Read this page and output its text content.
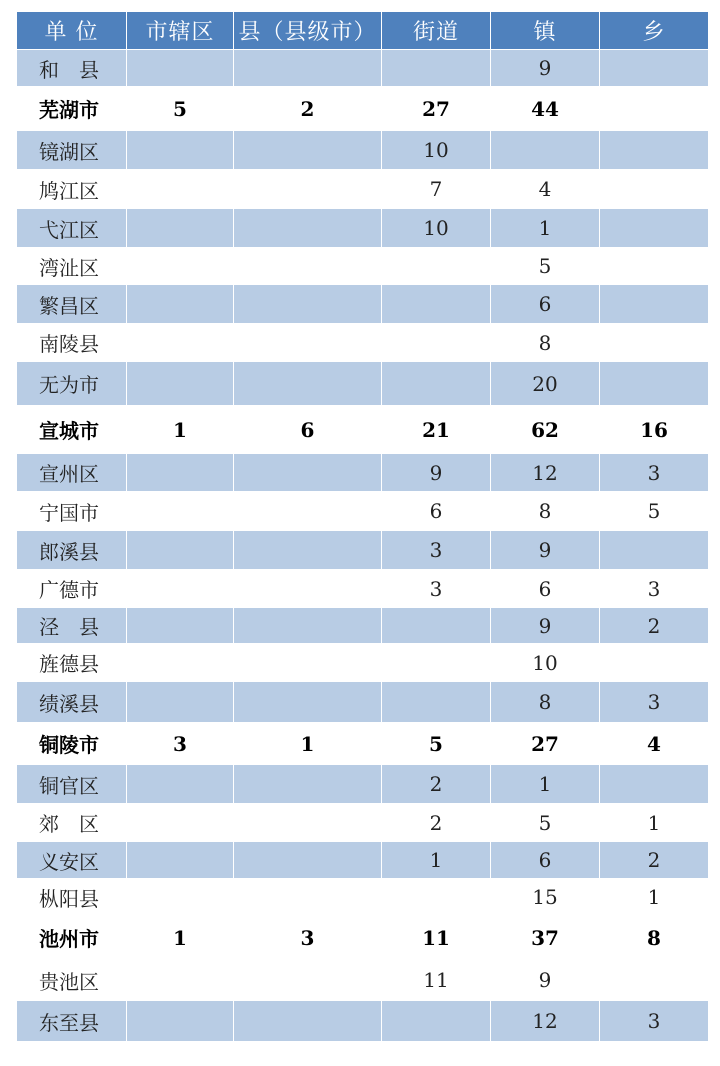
单 位	市辖区	县（县级市）	街道	镇	乡
和　县				9	
芜湖市	5	2	27	44	
镜湖区			10		
鸠江区			7	4	
弋江区			10	1	
湾沚区				5	
繁昌区				6	
南陵县				8	
无为市				20	
宣城市	1	6	21	62	16
宣州区			9	12	3
宁国市			6	8	5
郎溪县			3	9	
广德市			3	6	3
泾　县				9	2
旌德县				10	
绩溪县				8	3
铜陵市	3	1	5	27	4
铜官区			2	1	
郊　区			2	5	1
义安区			1	6	2
枞阳县				15	1
池州市	1	3	11	37	8
贵池区			11	9	
东至县				12	3
